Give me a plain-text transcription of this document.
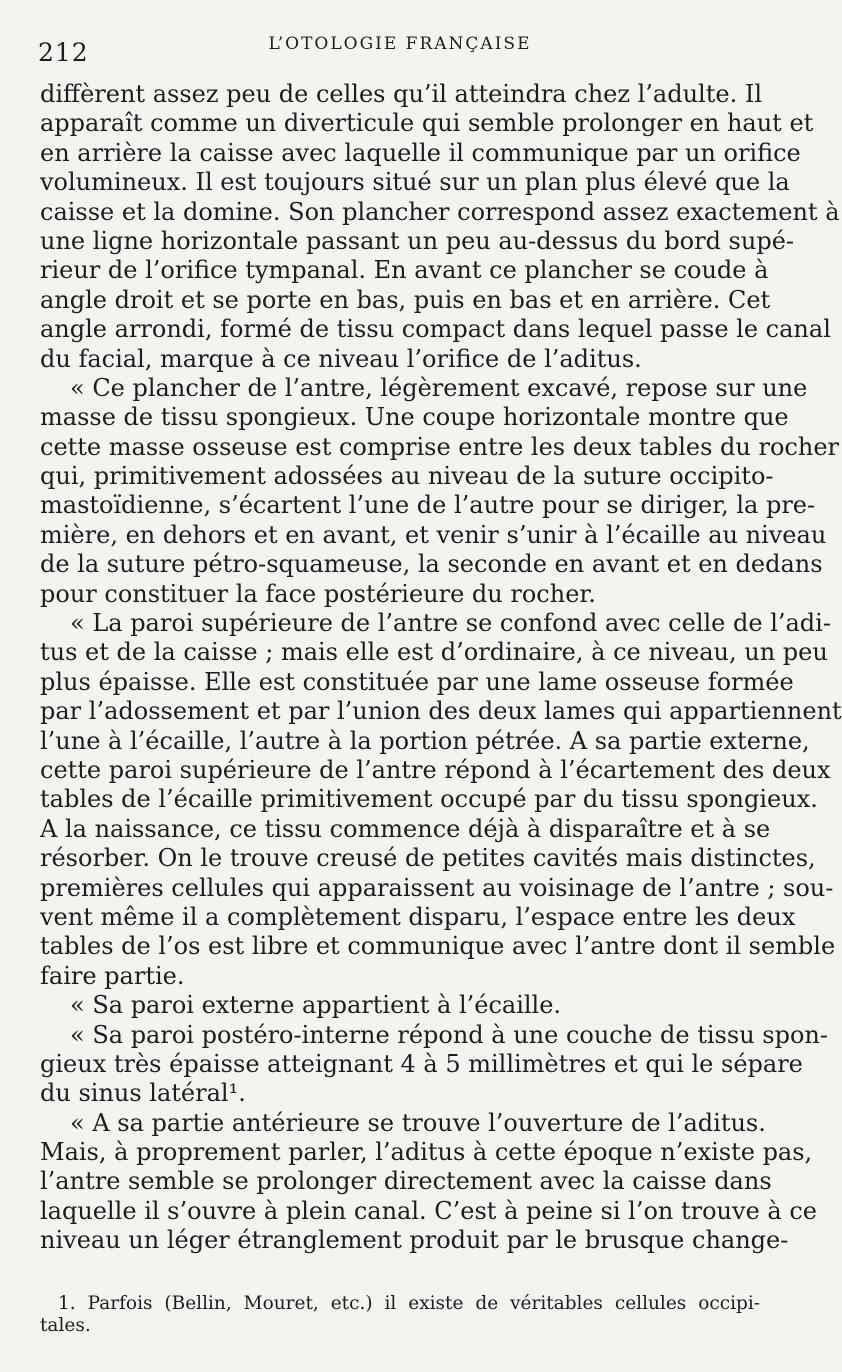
212	L’OTOLOGIE FRANÇAISE
diffèrent assez peu de celles qu’il atteindra chez l’adulte. Il
apparaît comme un diverticule qui semble prolonger en haut et
en arrière la caisse avec laquelle il communique par un orifice
volumineux. Il est toujours situé sur un plan plus élevé que la
caisse et la domine. Son plancher correspond assez exactement à
une ligne horizontale passant un peu au-dessus du bord supé-
rieur de l’orifice tympanal. En avant ce plancher se coude à
angle droit et se porte en bas, puis en bas et en arrière. Cet
angle arrondi, formé de tissu compact dans lequel passe le canal
du facial, marque à ce niveau l’orifice de l’aditus.
« Ce plancher de l’antre, légèrement excavé, repose sur une
masse de tissu spongieux. Une coupe horizontale montre que
cette masse osseuse est comprise entre les deux tables du rocher
qui, primitivement adossées au niveau de la suture occipito-
mastoïdienne, s’écartent l’une de l’autre pour se diriger, la pre-
mière, en dehors et en avant, et venir s’unir à l’écaille au niveau
de la suture pétro-squameuse, la seconde en avant et en dedans
pour constituer la face postérieure du rocher.
« La paroi supérieure de l’antre se confond avec celle de l’adi-
tus et de la caisse ; mais elle est d’ordinaire, à ce niveau, un peu
plus épaisse. Elle est constituée par une lame osseuse formée
par l’adossement et par l’union des deux lames qui appartiennent
l’une à l’écaille, l’autre à la portion pétrée. A sa partie externe,
cette paroi supérieure de l’antre répond à l’écartement des deux
tables de l’écaille primitivement occupé par du tissu spongieux.
A la naissance, ce tissu commence déjà à disparaître et à se
résorber. On le trouve creusé de petites cavités mais distinctes,
premières cellules qui apparaissent au voisinage de l’antre ; sou-
vent même il a complètement disparu, l’espace entre les deux
tables de l’os est libre et communique avec l’antre dont il semble
faire partie.
« Sa paroi externe appartient à l’écaille.
« Sa paroi postéro-interne répond à une couche de tissu spon-
gieux très épaisse atteignant 4 à 5 millimètres et qui le sépare
du sinus latéral¹.
« A sa partie antérieure se trouve l’ouverture de l’aditus.
Mais, à proprement parler, l’aditus à cette époque n’existe pas,
l’antre semble se prolonger directement avec la caisse dans
laquelle il s’ouvre à plein canal. C’est à peine si l’on trouve à ce
niveau un léger étranglement produit par le brusque change-
1. Parfois (Bellin, Mouret, etc.) il existe de véritables cellules occipi-
tales.
